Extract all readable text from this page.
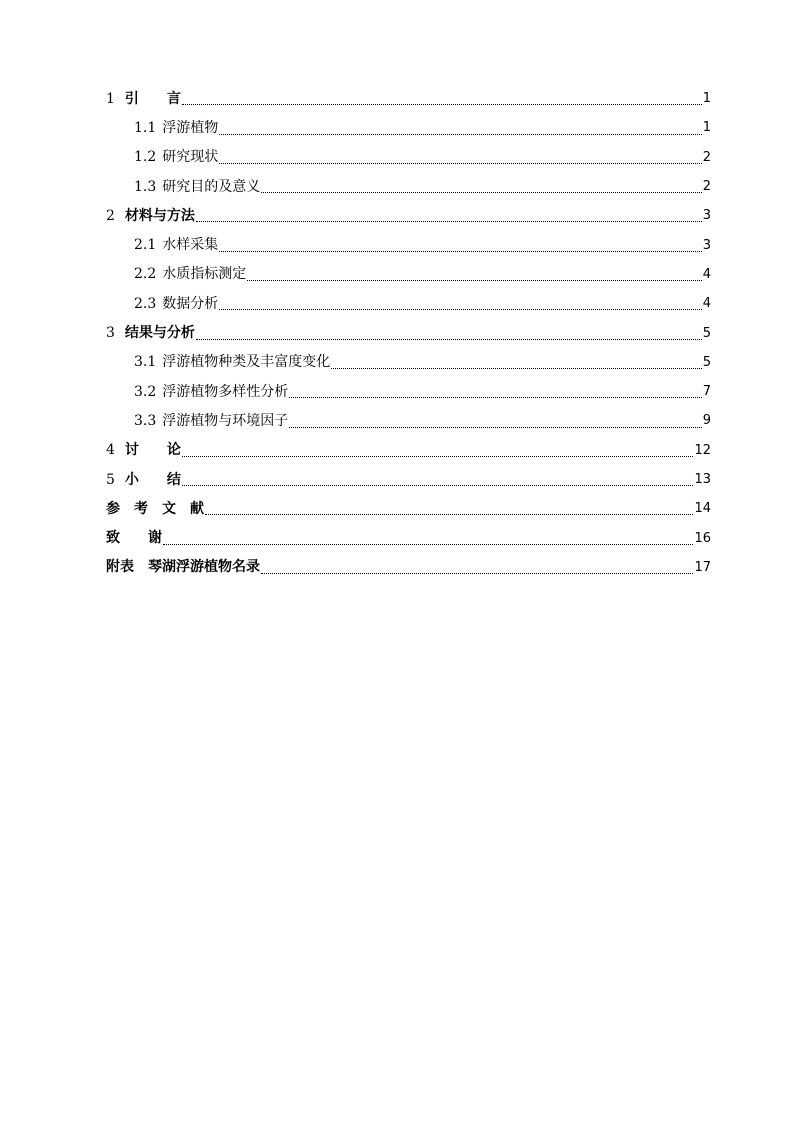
1 引　　言	1
1.1 浮游植物	1
1.2 研究现状	2
1.3 研究目的及意义	2
2 材料与方法	3
2.1 水样采集	3
2.2 水质指标测定	4
2.3 数据分析	4
3 结果与分析	5
3.1 浮游植物种类及丰富度变化	5
3.2 浮游植物多样性分析	7
3.3 浮游植物与环境因子	9
4 讨　　论	12
5 小　　结	13
参　考　文　献	14
致　　谢	16
附表　琴湖浮游植物名录	17
